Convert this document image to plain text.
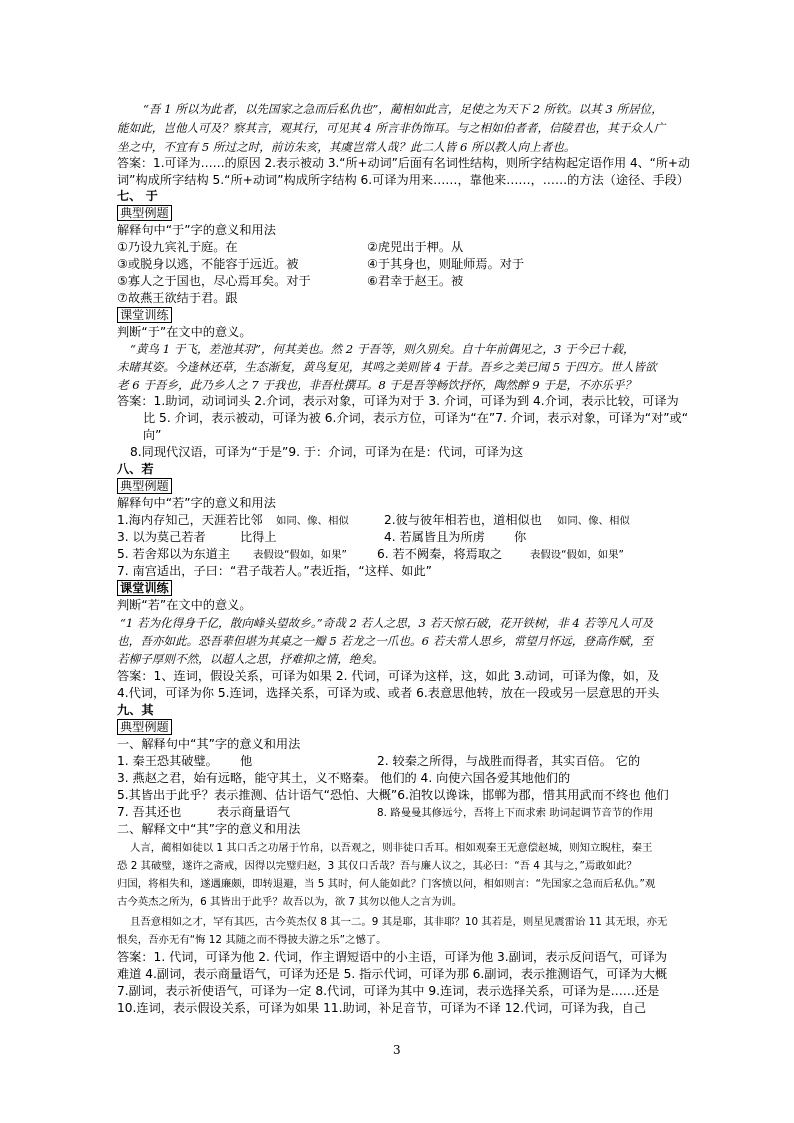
“吾 1 所以为此者，以先国家之急而后私仇也”，蔺相如此言，足使之为天下 2 所钦。以其 3 所居位，
能如此，岂他人可及？察其言，观其行，可见其 4 所言非伪饰耳。与之相如伯者者，信陵君也，其于众人广
坐之中，不宜有 5 所过之时，前访朱亥，其虞岂常人哉？此二人皆 6 所以教人向上者也。
答案：1.可译为……的原因 2.表示被动 3.“所+动词”后面有名词性结构，则所字结构起定语作用 4、“所+动
词”构成所字结构 5.“所+动词”构成所字结构 6.可译为用来……，靠他来……，……的方法（途径、手段）
七、 于
典型例题
解释句中“于”字的意义和用法
①乃设九宾礼于庭。在	②虎兕出于柙。从
③或脱身以逃，不能容于远近。被	④于其身也，则耻师焉。对于
⑤寡人之于国也，尽心焉耳矣。对于	⑥君幸于赵王。被
⑦故燕王欲结于君。跟
课堂训练
判断“于”在文中的意义。
“黄鸟 1 于飞，差池其羽”，何其美也。然 2 于吾等，则久别矣。自十年前偶见之，3 于今已十载，
未睹其姿。今逢林还草，生态渐复，黄鸟复见，其鸣之美则皆 4 于昔。吾乡之美已闻 5 于四方。世人皆欲
老 6 于吾乡，此乃乡人之 7 于我也，非吾杜撰耳。8 于是吾等畅饮抒怀，陶然醉 9 于是，不亦乐乎？
答案：1.助词，动词词头 2.介词，表示对象，可译为对于 3. 介词，可译为到 4.介词，表示比较，可译为
比 5. 介词，表示被动，可译为被 6.介词，表示方位，可译为“在”7. 介词，表示对象，可译为“对”或“
向”
8.同现代汉语，可译为“于是”9. 于：介词，可译为在是：代词，可译为这
八、若
典型例题
解释句中“若”字的意义和用法
1.海内存知己，天涯若比邻 如同、像、相似	2.彼与彼年相若也，道相似也 如同、像、相似
3. 以为莫己若者	比得上	4. 若属皆且为所虏 你
5. 若舍郑以为东道主 表假设“假如，如果” 6. 若不阙秦，将焉取之	表假设“假如，如果”
7. 南宫适出，子曰：“君子哉若人。”表近指，“这样、如此”
课堂训练
判断“若”在文中的意义。
“1 若为化得身千亿，散向峰头望故乡。”奇哉 2 若人之思，3 若天惊石破，花开铁树，非 4 若等凡人可及
也，吾亦如此。恐吾辈但堪为其桌之一瓣 5 若龙之一爪也。6 若夫常人思乡，常望月怀远，登高作赋，至
若柳子厚则不然，以超人之思，抒难抑之情，绝矣。
答案：1、连词，假设关系，可译为如果 2. 代词，可译为这样，这，如此 3.动词，可译为像，如，及
4.代词，可译为你 5.连词，选择关系，可译为或、或者 6.表意思他转，放在一段或另一层意思的开头
九、其
典型例题
一、解释句中“其”字的意义和用法
1. 秦王恐其破璧。 他	2. 较秦之所得，与战胜而得者，其实百倍。 它的
3. 燕赵之君，始有远略，能守其土，义不赂秦。 他们的 4. 向使六国各爱其地他们的
5.其皆出于此乎？表示推测、估计语气“恐怕、大概”6.洎牧以谗诛，邯郸为郡，惜其用武而不终也 他们
7. 吾其还也	表示商量语气	8. 路曼曼其修远兮，吾将上下而求索 助词起调节音节的作用
二、解释文中“其”字的意义和用法
人言，蔺相如徒以 1 其口舌之功屠于竹帛，以吾观之，则非徒口舌耳。相如观秦王无意偿赵城，则知立睨柱，秦王
恐 2 其破璧，遂许之斋戒，因得以完璧归赵，3 其仅口舌哉？吾与廉人议之，其必曰：“吾 4 其与之，”焉敢如此？
归国，将相失和，遂遇廉颇，即转退避，当 5 其时，何人能如此？门客愤以问，相如则言：“先国家之急而后私仇。”观
古今英杰之所为，6 其皆出于此乎？故吾以为，欲 7 其勿以他人之言为训。
且吾意相如之才，罕有其匹，古今英杰仅 8 其一二。9 其是耶，其非耶？10 其若是，则星见震雷诒 11 其无垠，亦无
恨矣，吾亦无有“悔 12 其随之而不得披夫游之乐”之憾了。
答案：1. 代词，可译为他 2. 代词，作主谓短语中的小主语，可译为他 3.副词，表示反问语气，可译为
难道 4.副词，表示商量语气，可译为还是 5. 指示代词，可译为那 6.副词，表示推测语气，可译为大概
7.副词，表示祈使语气，可译为一定 8.代词，可译为其中 9.连词，表示选择关系，可译为是……还是
10.连词，表示假设关系，可译为如果 11.助词，补足音节，可译为不译 12.代词，可译为我，自己
3
